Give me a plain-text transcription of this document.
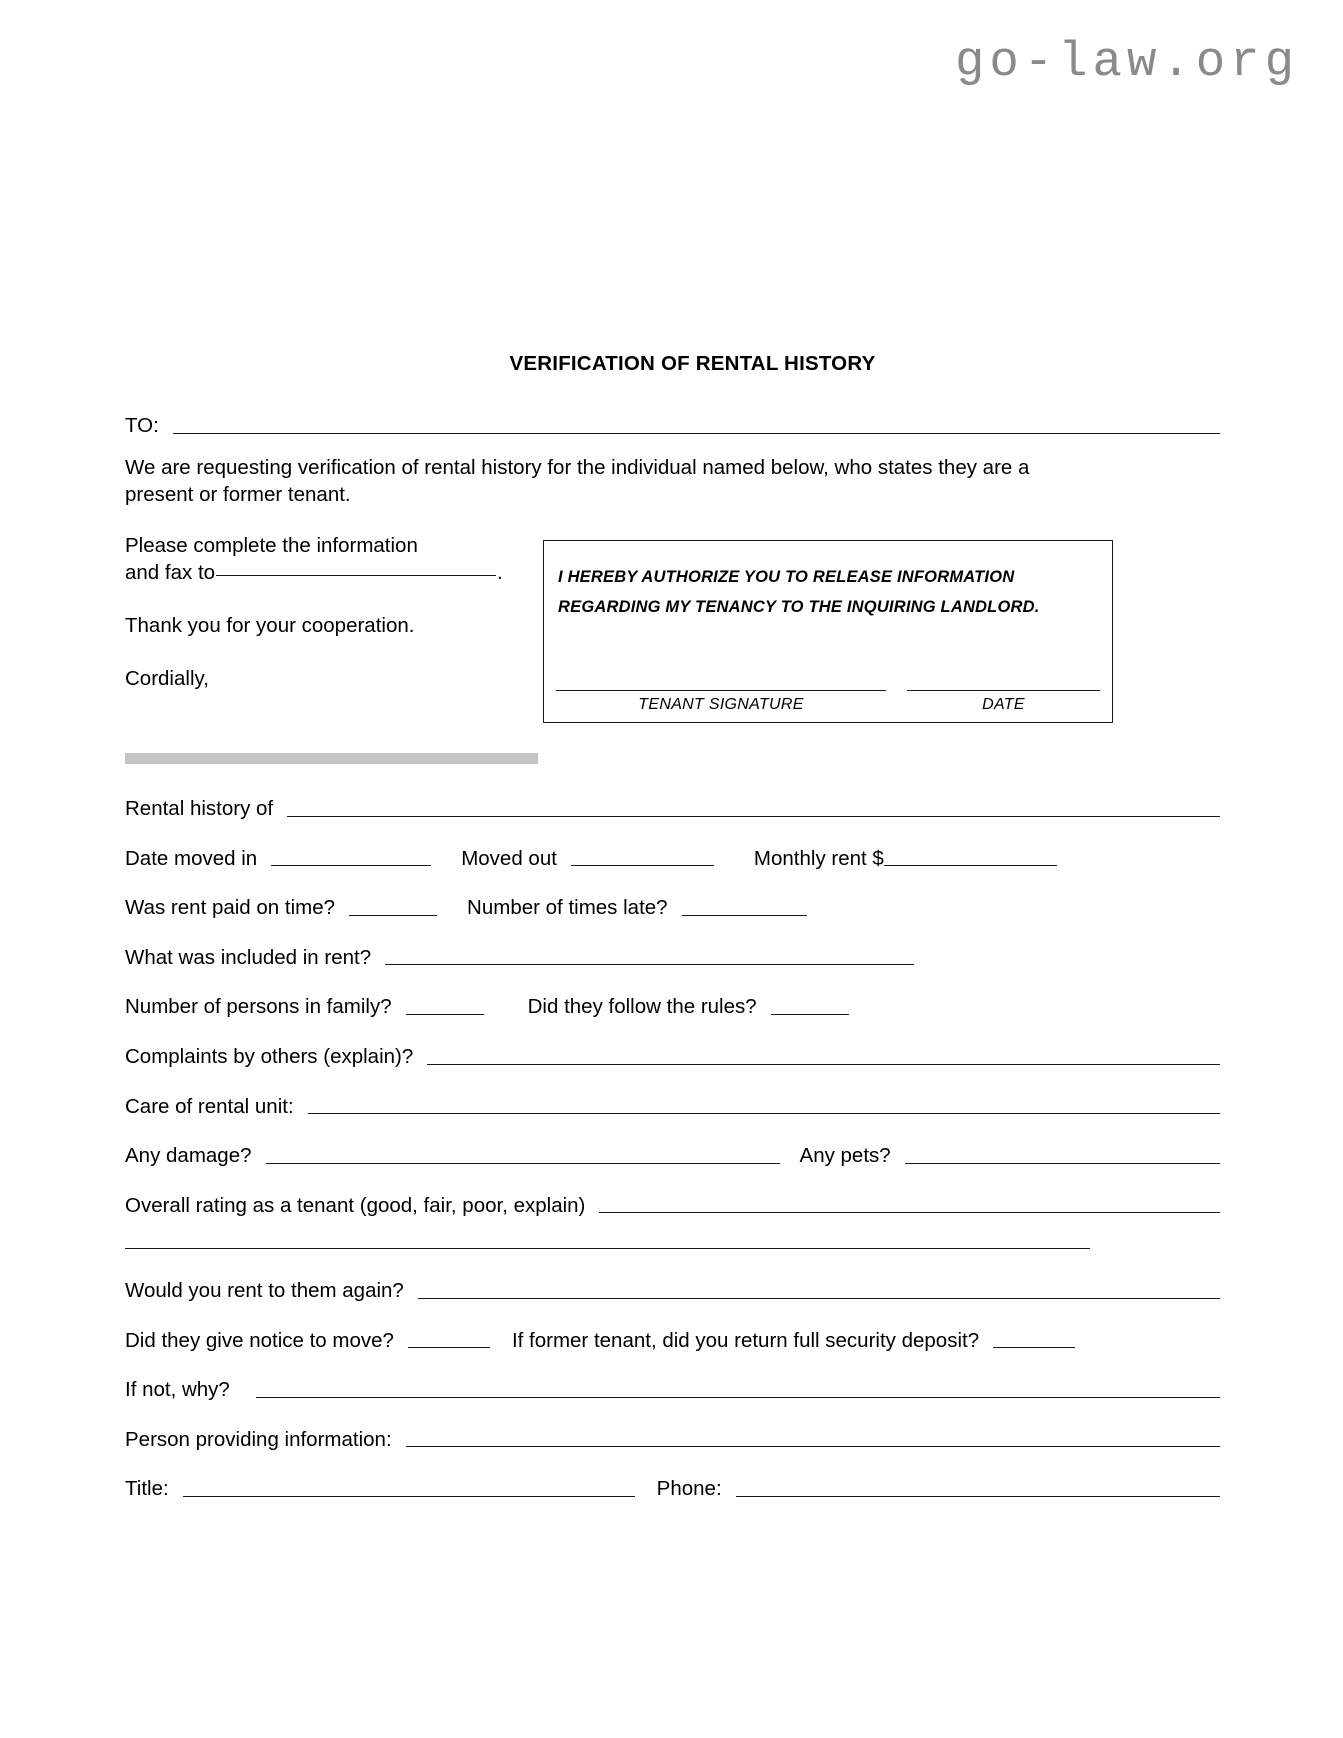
go-law.org
VERIFICATION OF RENTAL HISTORY
TO:

We are requesting verification of rental history for the individual named below, who states they are a present or former tenant.

Please complete the information
and fax to	.
Thank you for your cooperation.
Cordially,
I HEREBY AUTHORIZE YOU TO RELEASE INFORMATION
REGARDING MY TENANCY TO THE INQUIRING LANDLORD.
TENANT SIGNATURE	DATE
Rental history of
Date moved in	Moved out	Monthly rent $
Was rent paid on time?	Number of times late?
What was included in rent?
Number of persons in family?	Did they follow the rules?
Complaints by others (explain)?
Care of rental unit:
Any damage?	Any pets?
Overall rating as a tenant (good, fair, poor, explain)
Would you rent to them again?
Did they give notice to move?	If former tenant, did you return full security deposit?
If not, why?
Person providing information:
Title:	Phone:
